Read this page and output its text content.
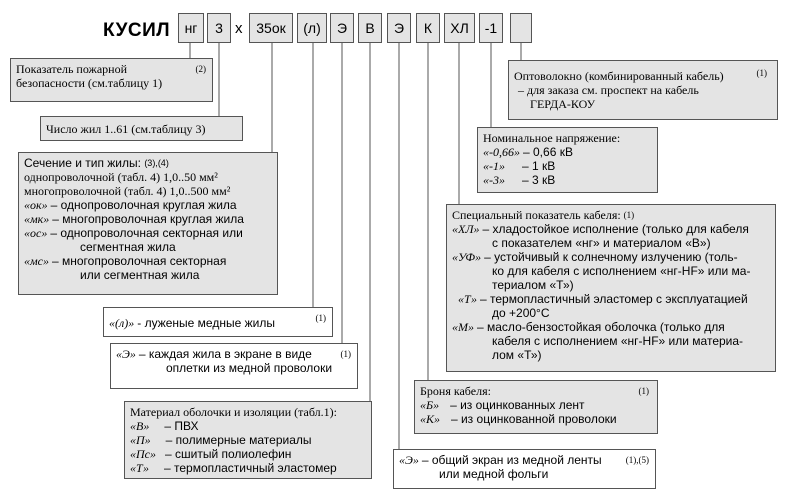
КУСИЛ	нг	3 x 35ок	(л)	Э	В	Э	К	ХЛ	-1
Показатель пожарной
безопасности (см.таблицу 1)
(2)
Число жил 1..61 (см.таблицу 3)
Сечение и тип жилы: $^{(3),(4)}$
однопроволочной (табл. 4) 1,0..50 мм²
многопроволочной (табл. 4) 1,0..500 мм²
«ок» – однопроволочная круглая жила
«мк» – многопроволочная круглая жила
«ос» – однопроволочная секторная или
сегментная жила
«мс» – многопроволочная секторная
или сегментная жила
«(л)» - луженые медные жилы	(1)
«Э» – каждая жила в экране в виде
оплетки из медной проволоки
(1)
Материал оболочки и изоляции (табл.1):
«В» – ПВХ
«П» – полимерные материалы
«Пс» – сшитый полиолефин
«Т» – термопластичный эластомер
«Э» – общий экран из медной ленты
или медной фольги
(1),(5)
Броня кабеля:
«Б» – из оцинкованных лент
«К» – из оцинкованной проволоки
(1)
Специальный показатель кабеля: $^{(1)}$
«ХЛ» – хладостойкое исполнение (только для кабеля
с показателем «нг» и материалом «В»)
«УФ» – устойчивый к солнечному излучению (толь-
ко для кабеля с исполнением «нг-HF» или ма-
териалом «Т»)
«Т» – термопластичный эластомер с эксплуатацией
до +200°С
«М» – масло-бензостойкая оболочка (только для
кабеля с исполнением «нг-HF» или материа-
лом «Т»)
Номинальное напряжение:
«-0,66» – 0,66 кВ
«-1» – 1 кВ
«-3» – 3 кВ
Оптоволокно (комбинированный кабель)
– для заказа см. проспект на кабель
ГЕРДА-КОУ
(1)
